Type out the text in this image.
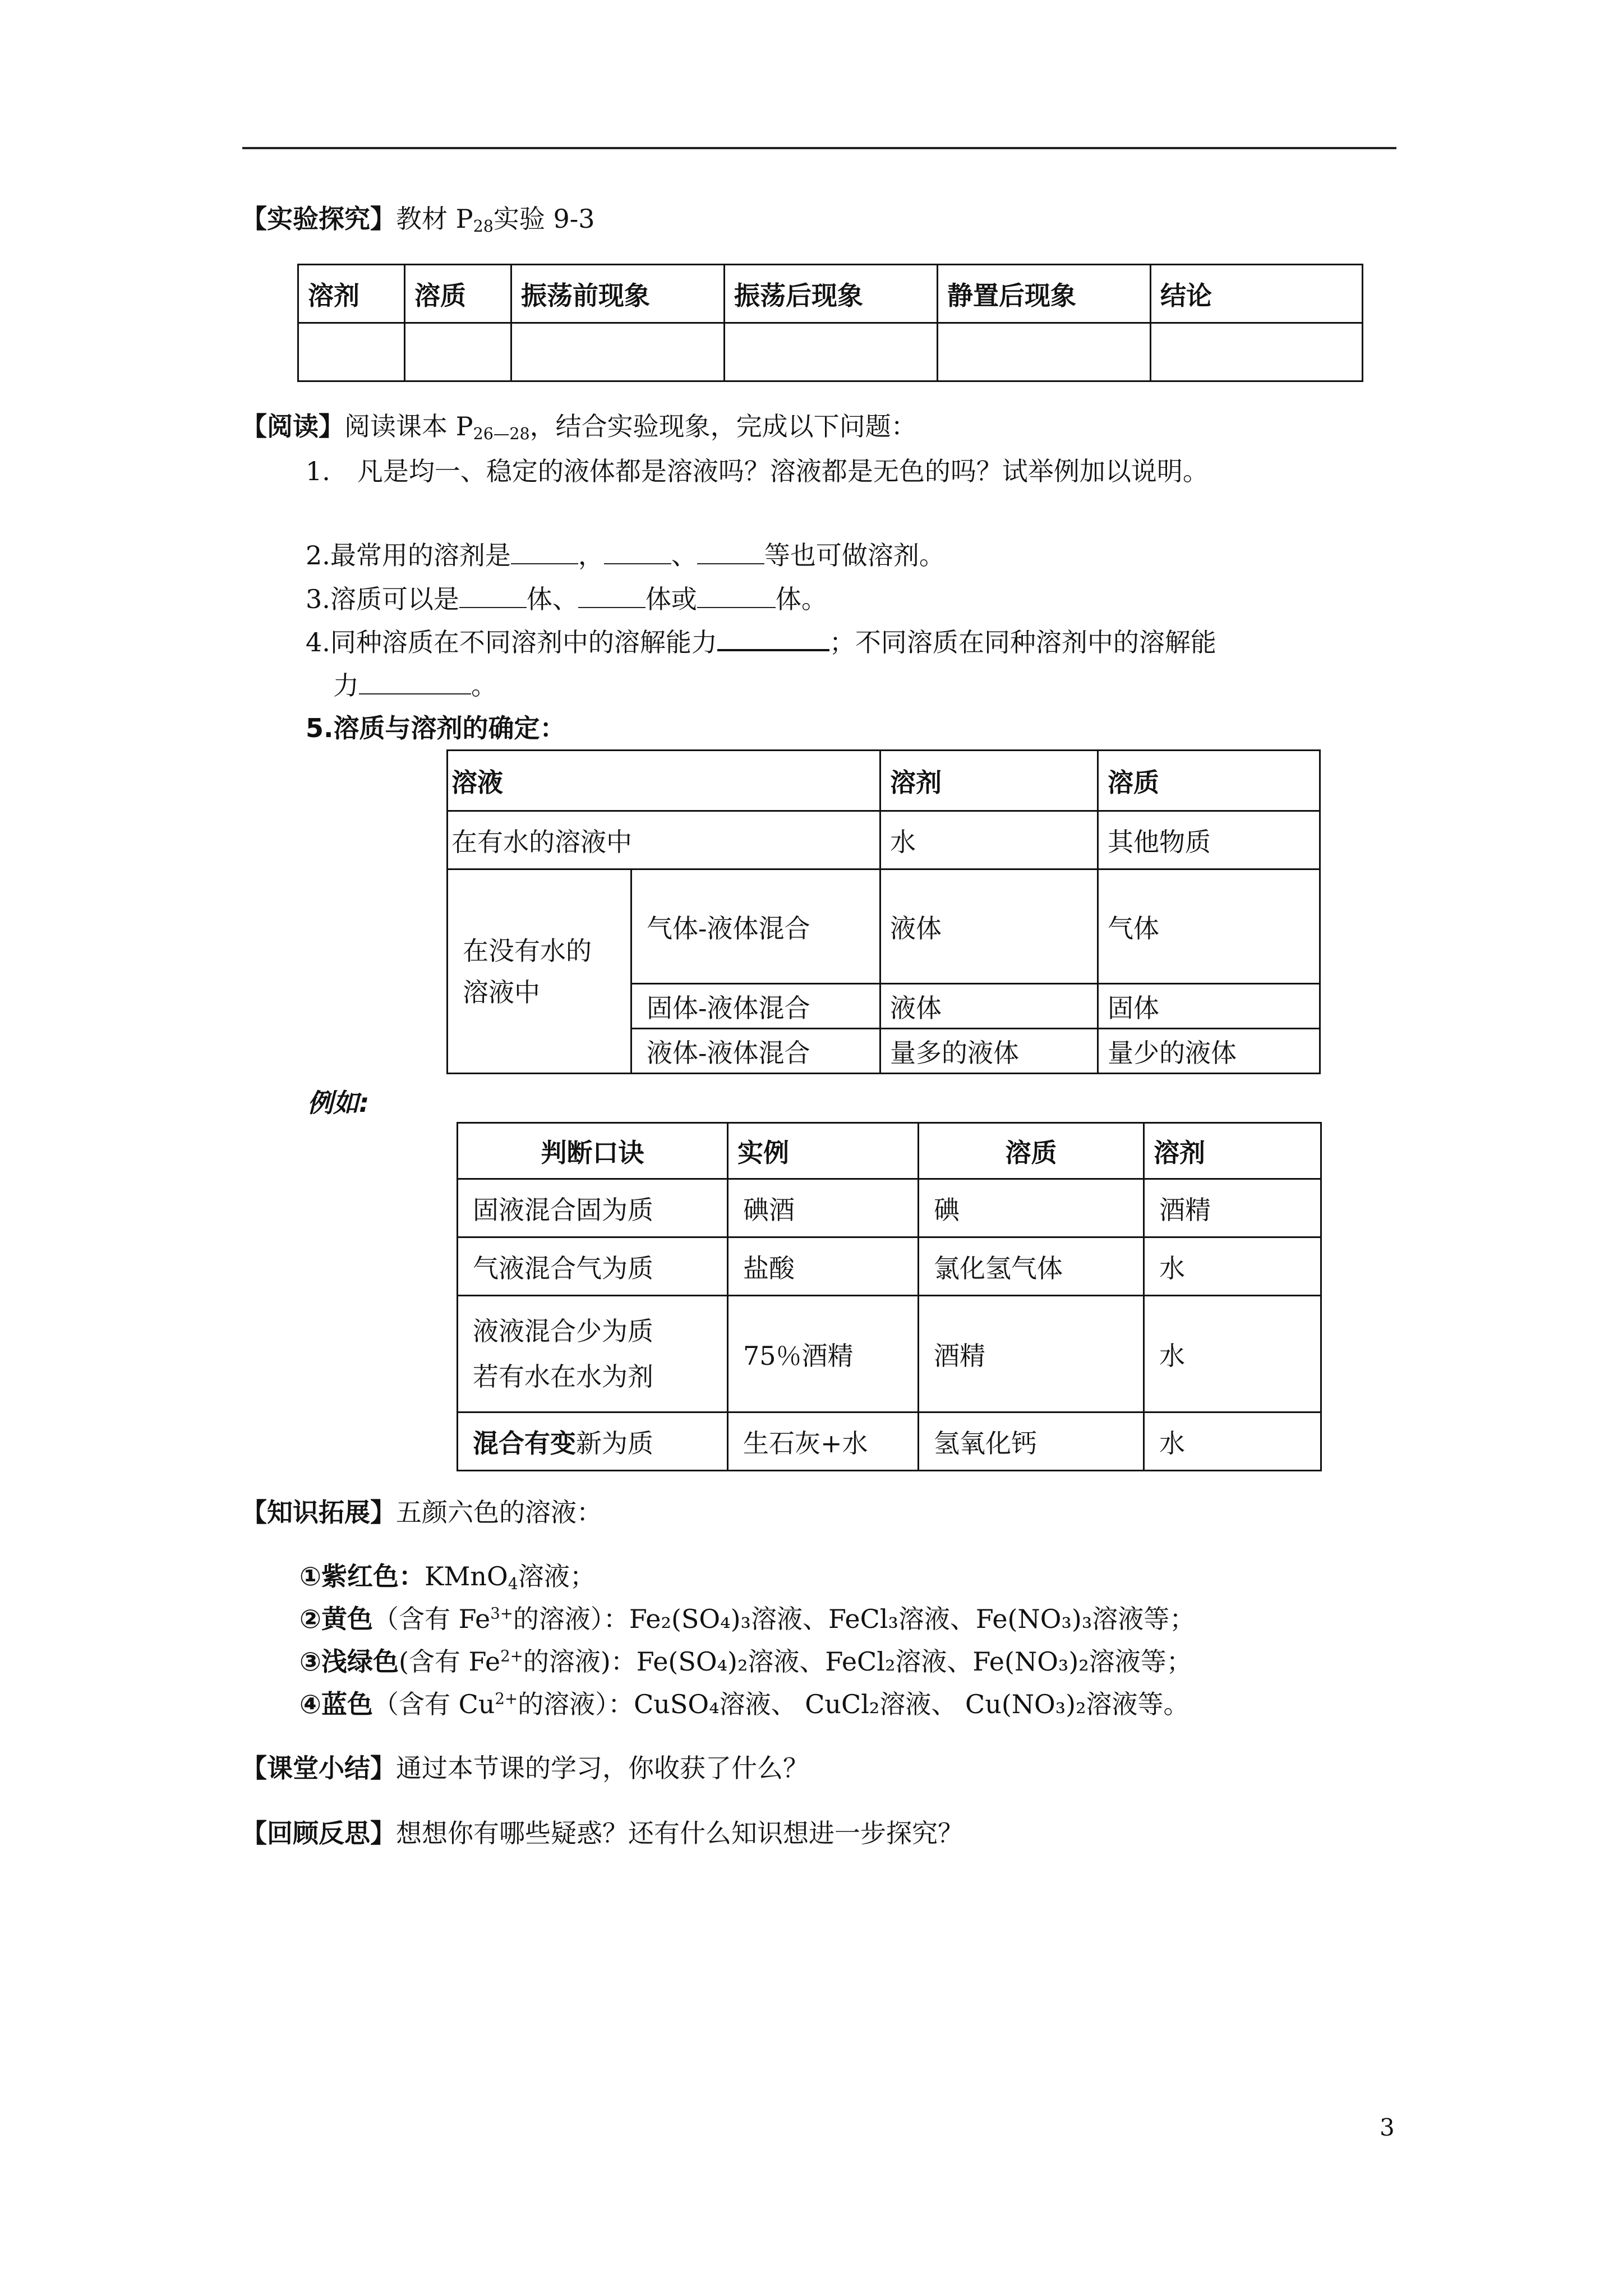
【实验探究】教材 $P_{28}$实验 9-3
溶剂	溶质	振荡前现象	振荡后现象	静置后现象	结论

【阅读】阅读课本 $P_{26—28}$，结合实验现象，完成以下问题：
1. 凡是均一、稳定的液体都是溶液吗？溶液都是无色的吗？试举例加以说明。
2.最常用的溶剂是	，	、	等也可做溶剂。
3.溶质可以是	体、	体或	体。
4.同种溶质在不同溶剂中的溶解能力	；不同溶质在同种溶剂中的溶解能
力	。
5.溶质与溶剂的确定：
溶液		溶剂	溶质
在有水的溶液中		水	其他物质

在没有水的
溶液中	气体-液体混合	液体	气体
	固体-液体混合	液体	固体
	液体-液体混合	量多的液体	量少的液体
例如:
判断口诀	实例	溶质	溶剂
固液混合固为质	碘酒	碘	酒精
气液混合气为质	盐酸	氯化氢气体	水

液液混合少为质
若有水在水为剂	75％酒精	酒精	水
混合有变新为质	生石灰+水	氢氧化钙	水
【知识拓展】五颜六色的溶液：
①紫红色：KMnO$_4$溶液；
②黄色（含有 $Fe^{3+}$的溶液）：Fe₂(SO₄)₃溶液、FeCl₃溶液、Fe(NO₃)₃溶液等；
③浅绿色(含有 $Fe^{2+}$的溶液)：Fe(SO₄)₂溶液、FeCl₂溶液、Fe(NO₃)₂溶液等；
④蓝色（含有 $Cu^{2+}$的溶液）：CuSO₄溶液、 CuCl₂溶液、 Cu(NO₃)₂溶液等。
【课堂小结】通过本节课的学习，你收获了什么？
【回顾反思】想想你有哪些疑惑？还有什么知识想进一步探究？
3
